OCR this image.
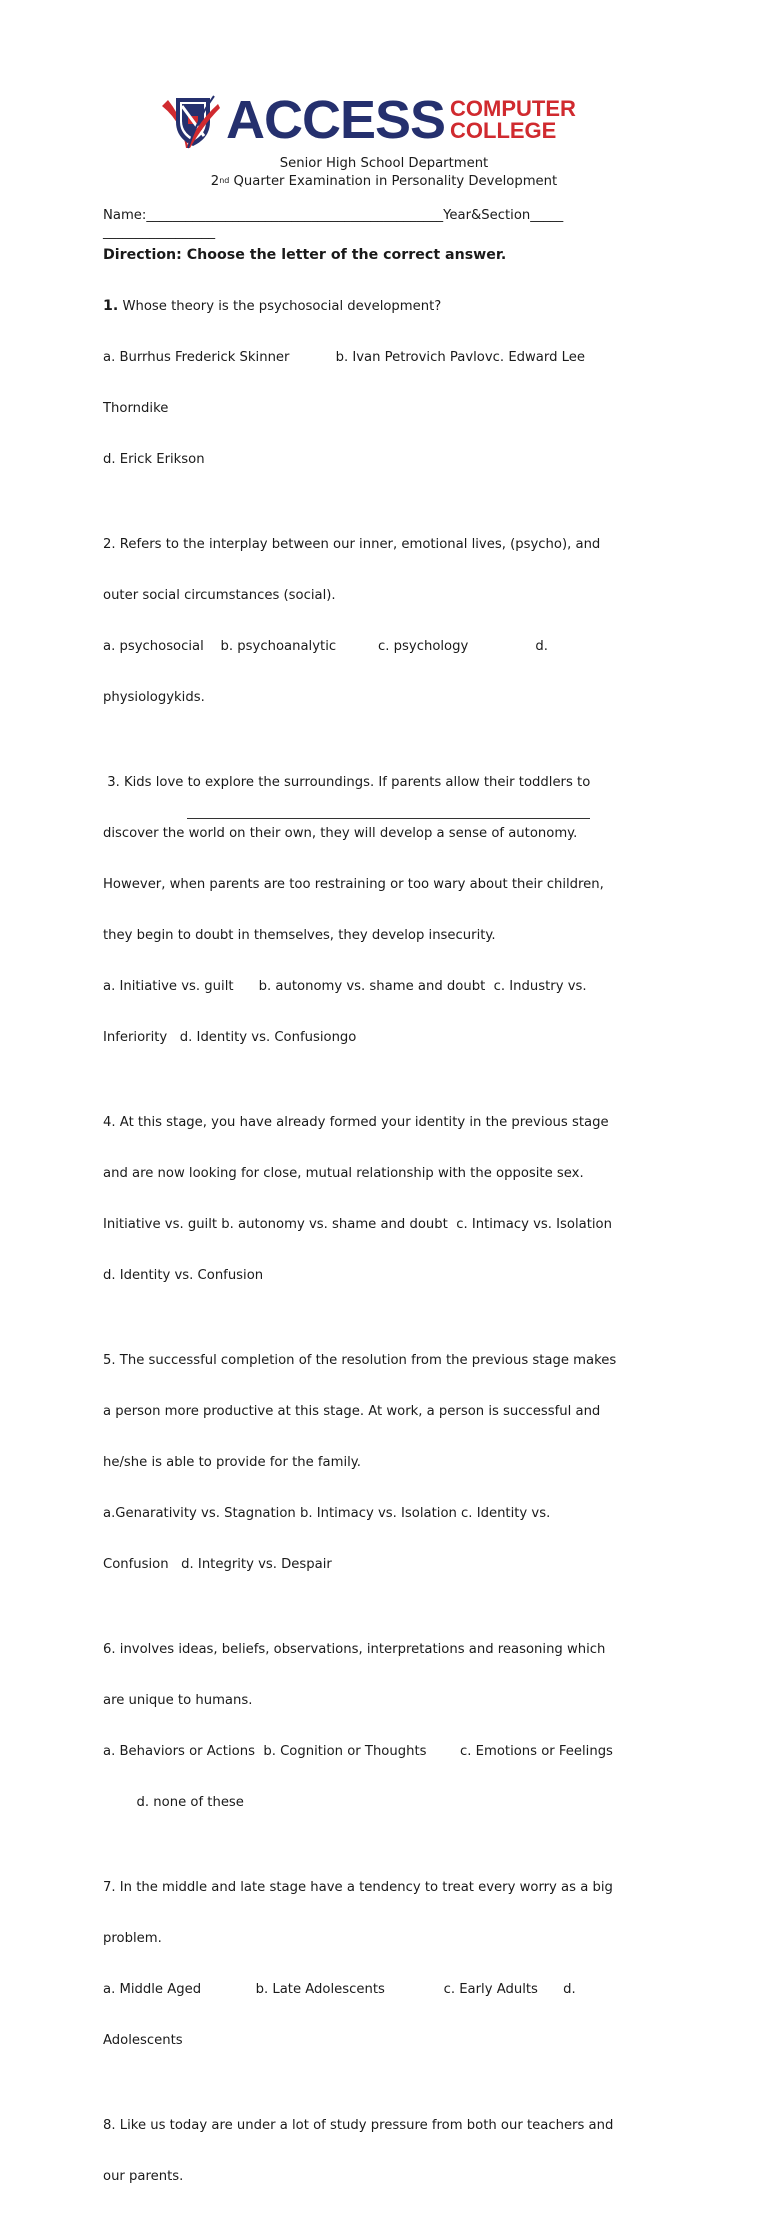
ACCESS COMPUTER
COLLEGE
Senior High School Department
2nd Quarter Examination in Personality Development
Name:_____________________________________________Year&Section_____
_________________
Direction: Choose the letter of the correct answer.

1. Whose theory is the psychosocial development?

a. Burrhus Frederick Skinner           b. Ivan Petrovich Pavlovc. Edward Lee

Thorndike

d. Erick Erikson

2. Refers to the interplay between our inner, emotional lives, (psycho), and

outer social circumstances (social).

a. psychosocial    b. psychoanalytic          c. psychology                d.

physiologykids.

3. Kids love to explore the surroundings. If parents allow their toddlers to

discover the world on their own, they will develop a sense of autonomy.

However, when parents are too restraining or too wary about their children,

they begin to doubt in themselves, they develop insecurity.

a. Initiative vs. guilt      b. autonomy vs. shame and doubt  c. Industry vs.

Inferiority   d. Identity vs. Confusiongo

4. At this stage, you have already formed your identity in the previous stage

and are now looking for close, mutual relationship with the opposite sex.

Initiative vs. guilt b. autonomy vs. shame and doubt  c. Intimacy vs. Isolation

d. Identity vs. Confusion

5. The successful completion of the resolution from the previous stage makes

a person more productive at this stage. At work, a person is successful and

he/she is able to provide for the family.

a.Genarativity vs. Stagnation b. Intimacy vs. Isolation c. Identity vs.

Confusion   d. Integrity vs. Despair

6. involves ideas, beliefs, observations, interpretations and reasoning which

are unique to humans.

a. Behaviors or Actions  b. Cognition or Thoughts        c. Emotions or Feelings

d. none of these

7. In the middle and late stage have a tendency to treat every worry as a big

problem.

a. Middle Aged             b. Late Adolescents              c. Early Adults      d.

Adolescents

8. Like us today are under a lot of study pressure from both our teachers and

our parents.
